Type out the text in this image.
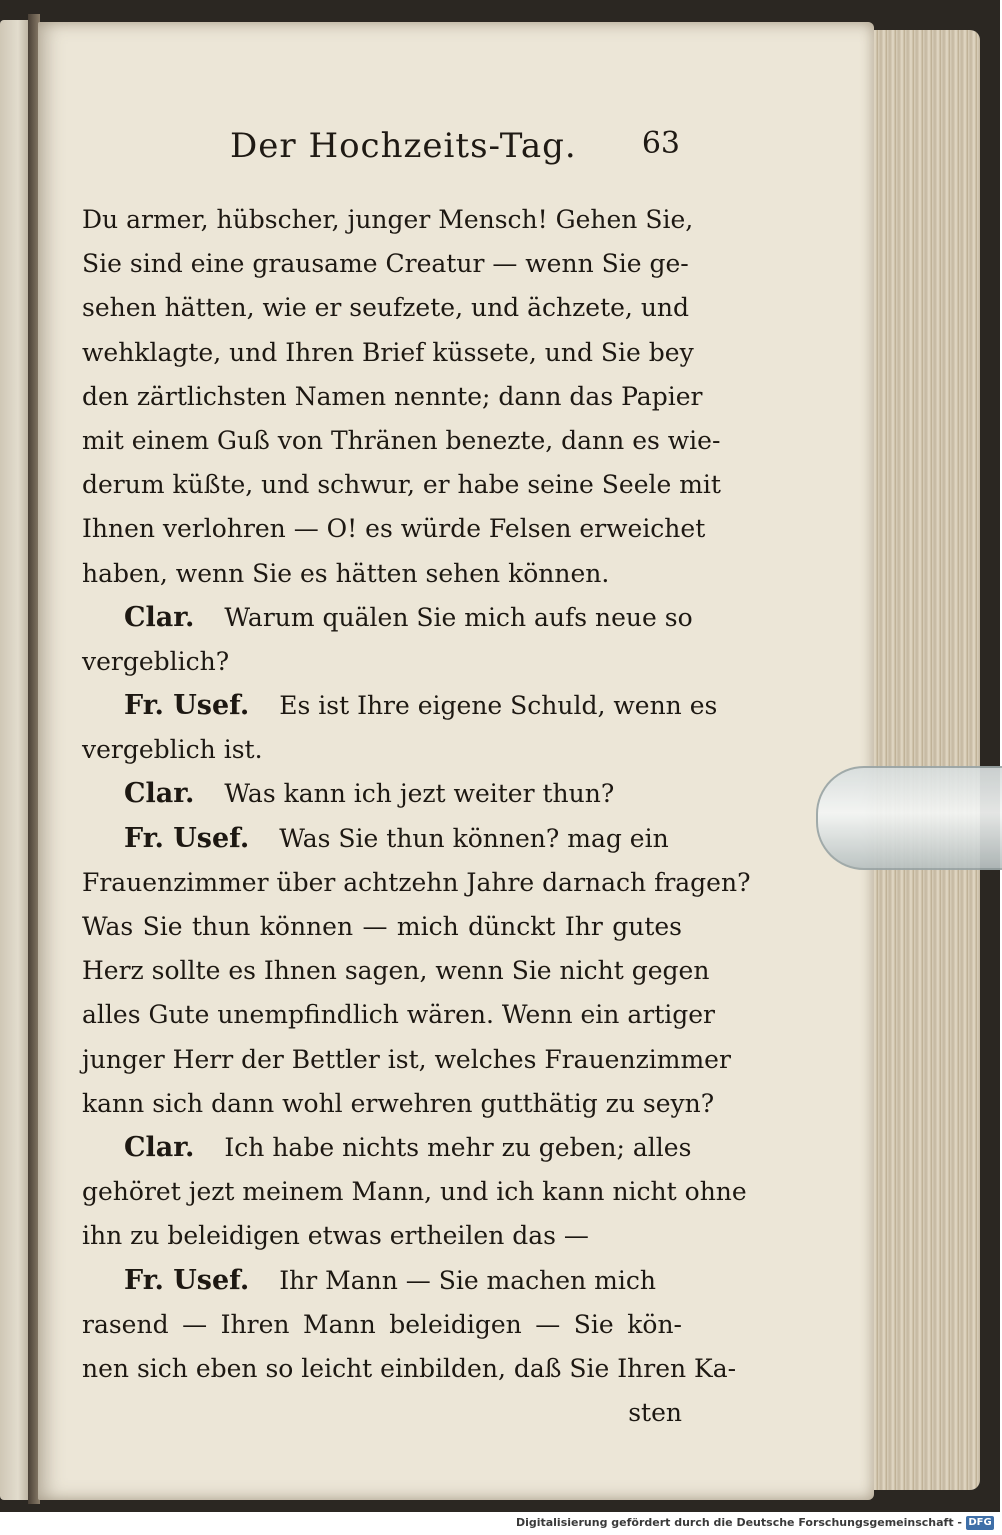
Der Hochzeits-Tag. 63
Du armer, hübscher, junger Mensch! Gehen Sie,
Sie sind eine grausame Creatur — wenn Sie ge-
sehen hätten, wie er seufzete, und ächzete, und
wehklagte, und Ihren Brief küssete, und Sie bey
den zärtlichsten Namen nennte; dann das Papier
mit einem Guß von Thränen benezte, dann es wie-
derum küßte, und schwur, er habe seine Seele mit
Ihnen verlohren — O! es würde Felsen erweichet
haben, wenn Sie es hätten sehen können.
Clar. Warum quälen Sie mich aufs neue so
vergeblich?
Fr. Usef. Es ist Ihre eigene Schuld, wenn es
vergeblich ist.
Clar. Was kann ich jezt weiter thun?
Fr. Usef. Was Sie thun können? mag ein
Frauenzimmer über achtzehn Jahre darnach fragen?
Was Sie thun können — mich dünckt Ihr gutes
Herz sollte es Ihnen sagen, wenn Sie nicht gegen
alles Gute unempfindlich wären. Wenn ein artiger
junger Herr der Bettler ist, welches Frauenzimmer
kann sich dann wohl erwehren gutthätig zu seyn?
Clar. Ich habe nichts mehr zu geben; alles
gehöret jezt meinem Mann, und ich kann nicht ohne
ihn zu beleidigen etwas ertheilen das —
Fr. Usef. Ihr Mann — Sie machen mich
rasend — Ihren Mann beleidigen — Sie kön-
nen sich eben so leicht einbilden, daß Sie Ihren Ka-
sten
Digitalisierung gefördert durch die Deutsche Forschungsgemeinschaft - DFG
